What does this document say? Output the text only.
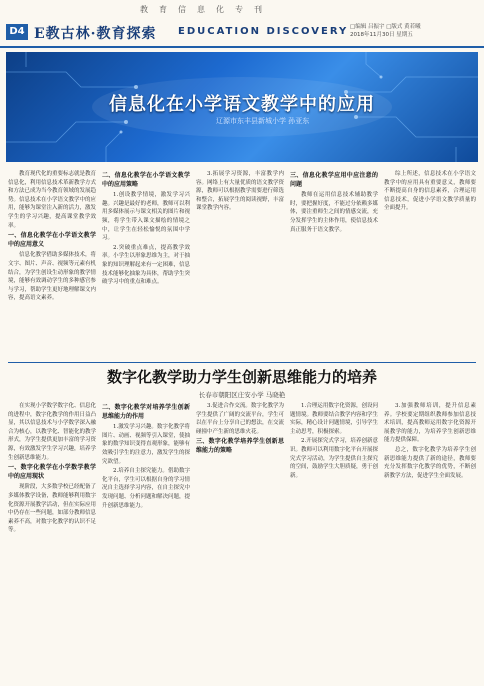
教育信息化专刊
D4 E教古林·教育探索 EDUCATION DISCOVERY □编辑 吕振宇 □版式 黄若曦
2018年11月30日 星期五
信息化在小学语文教学中的应用
辽源市东丰县新城小学 孙亚东

教育现代化的重要标志就是教育信息化，利用信息技术革新教学方式和方法已成为当今教育领域的发展趋势。信息技术在小学语文教学中的应用，能够为课堂注入新的活力，激发学生的学习兴趣，提高课堂教学效率。

一、信息化教学在小学语文教学中的应用意义

信息化教学借助多媒体技术，将文字、图片、声音、视频等元素有机结合，为学生创设生动形象的教学情境，能够有效调动学生的多种感官参与学习，帮助学生更好地理解课文内容，提高语文素养。

二、信息化教学在小学语文教学中的应用策略

1.创设教学情境，激发学习兴趣。兴趣是最好的老师，教师可以利用多媒体展示与课文相关的图片和视频，将学生带入课文描绘的情境之中，让学生在轻松愉悦的氛围中学习。

2.突破重点难点，提高教学效率。小学生以形象思维为主，对于抽象的知识理解起来有一定困难，信息技术能够化抽象为具体，帮助学生突破学习中的重点和难点。

3.拓展学习资源，丰富教学内容。网络上有大量优质的语文教学资源，教师可以根据教学需要进行筛选和整合，拓展学生的阅读视野，丰富课堂教学内容。

三、信息化教学应用中应注意的问题

教师在运用信息技术辅助教学时，要把握好度，不能过分依赖多媒体，要注重师生之间的情感交流，充分发挥学生的主体作用，使信息技术真正服务于语文教学。

综上所述，信息技术在小学语文教学中的应用具有重要意义，教师要不断提高自身的信息素养，合理运用信息技术，促进小学语文教学质量的全面提升。

数字化教学助力学生创新思维能力的培养
长春市朝阳区庄安小学 马晓艳

在实现小学数学数字化、信息化的进程中，数字化教学的作用日益凸显，其以信息技术与小学数学深入融合为核心，以教学化、智能化的教学形式，为学生提供更加丰富的学习资源，有效激发学生学习兴趣，培养学生创新思维能力。

一、数字化教学在小学数学教学中的应用现状

现阶段，大多数学校已经配备了多媒体教学设备，教师能够利用数字化资源开展教学活动，但在实际应用中仍存在一些问题，如部分教师信息素养不高，对数字化教学的认识不足等。

二、数字化教学对培养学生创新思维能力的作用

1.激发学习兴趣。数字化教学将图片、动画、视频等引入课堂，使抽象的数学知识变得直观形象，能够有效吸引学生的注意力，激发学生的探究欲望。

2.培养自主探究能力。借助数字化平台，学生可以根据自身的学习情况自主选择学习内容，在自主探究中发现问题、分析问题和解决问题，提升创新思维能力。

3.促进合作交流。数字化教学为学生提供了广阔的交流平台，学生可以在平台上分享自己的想法，在交流碰撞中产生新的思维火花。

三、数字化教学培养学生创新思维能力的策略

1.合理运用数字化资源，创设问题情境。教师要结合教学内容和学生实际，精心设计问题情境，引导学生主动思考，积极探索。

2.开展探究式学习，培养创新意识。教师可以利用数字化平台开展探究式学习活动，为学生提供自主探究的空间，鼓励学生大胆质疑，勇于创新。

3.加强教师培训，提升信息素养。学校要定期组织教师参加信息技术培训，提高教师运用数字化资源开展教学的能力，为培养学生创新思维能力提供保障。

总之，数字化教学为培养学生创新思维能力提供了新的途径，教师要充分发挥数字化教学的优势，不断创新教学方法，促进学生全面发展。
